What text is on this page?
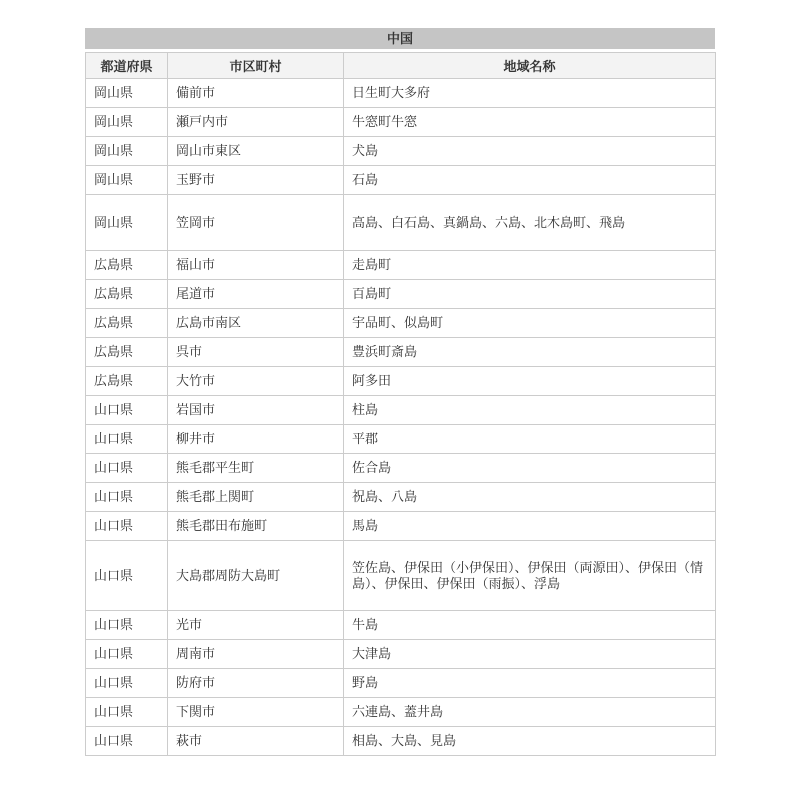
中国
都道府県	市区町村	地域名称
岡山県	備前市	日生町大多府
岡山県	瀬戸内市	牛窓町牛窓
岡山県	岡山市東区	犬島
岡山県	玉野市	石島
岡山県	笠岡市	高島、白石島、真鍋島、六島、北木島町、飛島
広島県	福山市	走島町
広島県	尾道市	百島町
広島県	広島市南区	宇品町、似島町
広島県	呉市	豊浜町斎島
広島県	大竹市	阿多田
山口県	岩国市	柱島
山口県	柳井市	平郡
山口県	熊毛郡平生町	佐合島
山口県	熊毛郡上関町	祝島、八島
山口県	熊毛郡田布施町	馬島
山口県	大島郡周防大島町	笠佐島、伊保田（小伊保田）、伊保田（両源田）、伊保田（情島）、伊保田、伊保田（雨振）、浮島
山口県	光市	牛島
山口県	周南市	大津島
山口県	防府市	野島
山口県	下関市	六連島、蓋井島
山口県	萩市	相島、大島、見島
